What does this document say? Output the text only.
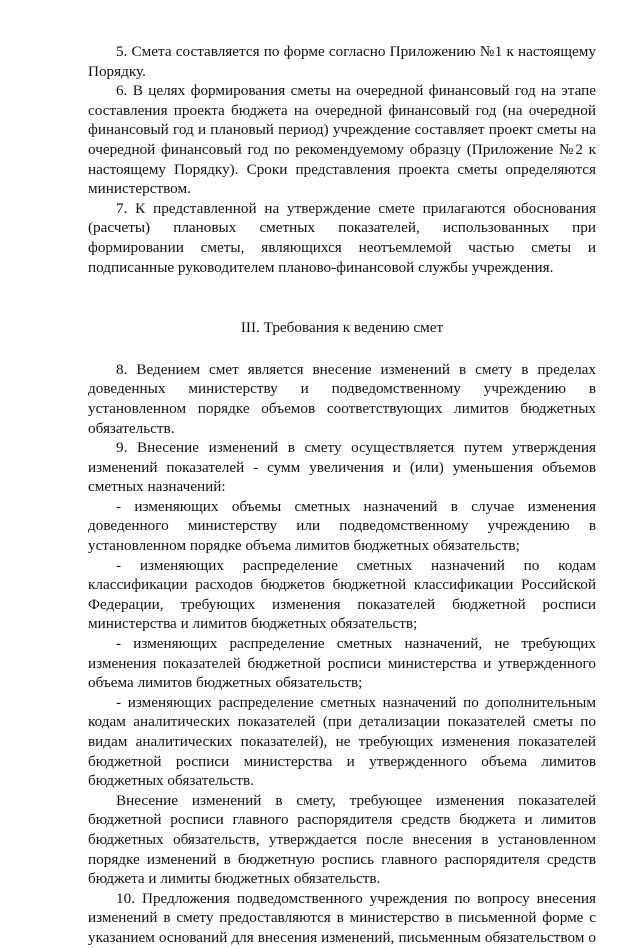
5. Смета составляется по форме согласно Приложению №1 к настоящему Порядку.

6. В целях формирования сметы на очередной финансовый год на этапе составления проекта бюджета на очередной финансовый год (на очередной финансовый год и плановый период) учреждение составляет проект сметы на очередной финансовый год по рекомендуемому образцу (Приложение №2 к настоящему Порядку). Сроки представления проекта сметы определяются министерством.

7. К представленной на утверждение смете прилагаются обоснования (расчеты) плановых сметных показателей, использованных при формировании сметы, являющихся неотъемлемой частью сметы и подписанные руководителем планово-финансовой службы учреждения.

III. Требования к ведению смет

8. Ведением смет является внесение изменений в смету в пределах доведенных министерству и подведомственному учреждению в установленном порядке объемов соответствующих лимитов бюджетных обязательств.

9. Внесение изменений в смету осуществляется путем утверждения изменений показателей - сумм увеличения и (или) уменьшения объемов сметных назначений:

- изменяющих объемы сметных назначений в случае изменения доведенного министерству или подведомственному учреждению в установленном порядке объема лимитов бюджетных обязательств;

- изменяющих распределение сметных назначений по кодам классификации расходов бюджетов бюджетной классификации Российской Федерации, требующих изменения показателей бюджетной росписи министерства и лимитов бюджетных обязательств;

- изменяющих распределение сметных назначений, не требующих изменения показателей бюджетной росписи министерства и утвержденного объема лимитов бюджетных обязательств;

- изменяющих распределение сметных назначений по дополнительным кодам аналитических показателей (при детализации показателей сметы по видам аналитических показателей), не требующих изменения показателей бюджетной росписи министерства и утвержденного объема лимитов бюджетных обязательств.

Внесение изменений в смету, требующее изменения показателей бюджетной росписи главного распорядителя средств бюджета и лимитов бюджетных обязательств, утверждается после внесения в установленном порядке изменений в бюджетную роспись главного распорядителя средств бюджета и лимиты бюджетных обязательств.

10. Предложения подведомственного учреждения по вопросу внесения изменений в смету предоставляются в министерство в письменной форме с указанием оснований для внесения изменений, письменным обязательством о
